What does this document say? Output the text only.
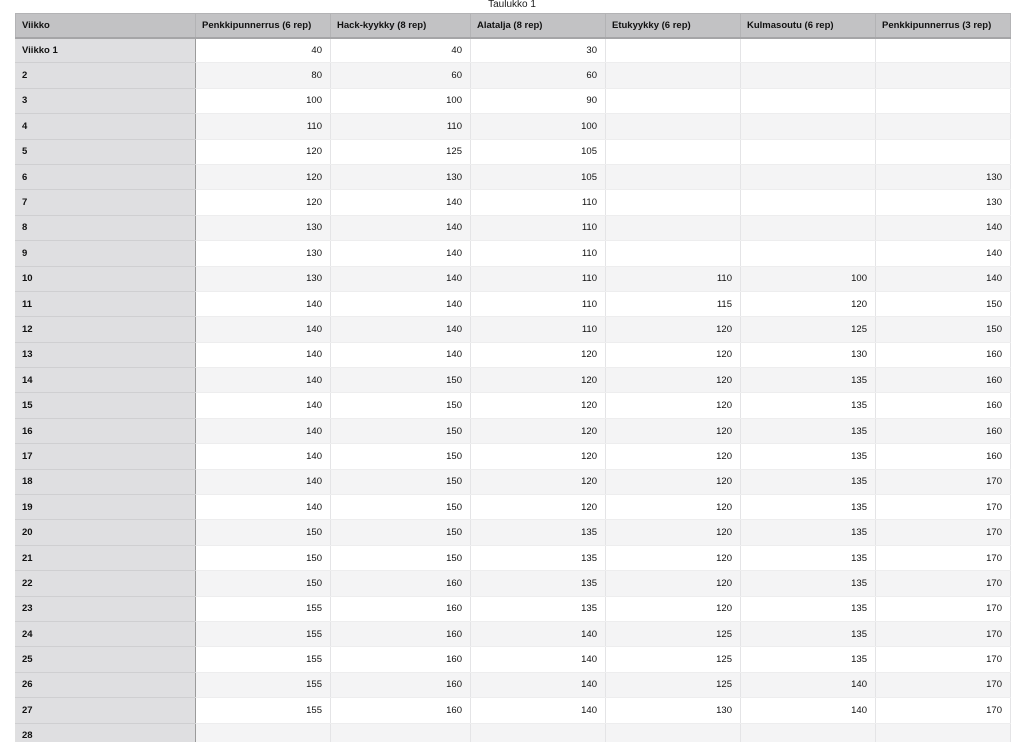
Taulukko 1
Viikko	Penkkipunnerrus (6 rep)	Hack-kyykky (8 rep)	Alatalja (8 rep)	Etukyykky (6 rep)	Kulmasoutu (6 rep)	Penkkipunnerrus (3 rep)
Viikko 1	40	40	30			
2	80	60	60			
3	100	100	90			
4	110	110	100			
5	120	125	105			
6	120	130	105			130
7	120	140	110			130
8	130	140	110			140
9	130	140	110			140
10	130	140	110	110	100	140
11	140	140	110	115	120	150
12	140	140	110	120	125	150
13	140	140	120	120	130	160
14	140	150	120	120	135	160
15	140	150	120	120	135	160
16	140	150	120	120	135	160
17	140	150	120	120	135	160
18	140	150	120	120	135	170
19	140	150	120	120	135	170
20	150	150	135	120	135	170
21	150	150	135	120	135	170
22	150	160	135	120	135	170
23	155	160	135	120	135	170
24	155	160	140	125	135	170
25	155	160	140	125	135	170
26	155	160	140	125	140	170
27	155	160	140	130	140	170
28						
